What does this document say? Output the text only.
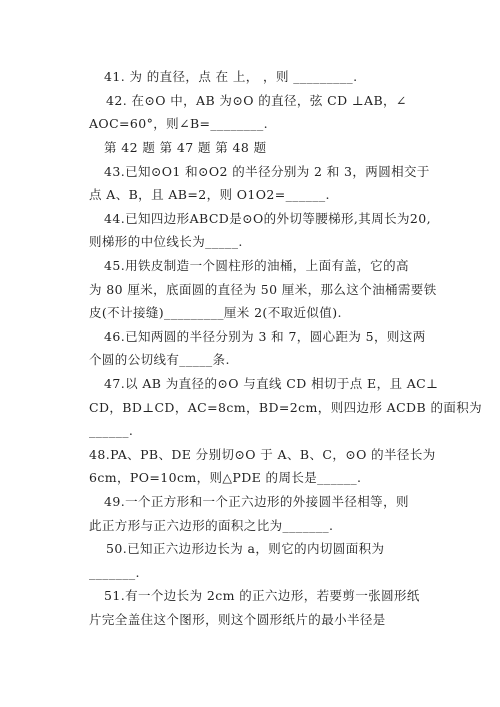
41. 为 的直径，点 在 上， ，则 _________.
42. 在⊙O 中，AB 为⊙O 的直径，弦 CD ⊥AB，∠
AOC=60°，则∠B=________.
第 42 题 第 47 题 第 48 题
43.已知⊙O1 和⊙O2 的半径分别为 2 和 3，两圆相交于
点 A、B，且 AB=2，则 O1O2=______.
44.已知四边形ABCD是⊙O的外切等腰梯形,其周长为20,
则梯形的中位线长为_____.
45.用铁皮制造一个圆柱形的油桶，上面有盖，它的高
为 80 厘米，底面圆的直径为 50 厘米，那么这个油桶需要铁
皮(不计接缝)_________厘米 2(不取近似值).
46.已知两圆的半径分别为 3 和 7，圆心距为 5，则这两
个圆的公切线有_____条.
47.以 AB 为直径的⊙O 与直线 CD 相切于点 E，且 AC⊥
CD，BD⊥CD，AC=8cm，BD=2cm，则四边形 ACDB 的面积为
______.
48.PA、PB、DE 分别切⊙O 于 A、B、C，⊙O 的半径长为
6cm，PO=10cm，则△PDE 的周长是______.
49.一个正方形和一个正六边形的外接圆半径相等，则
此正方形与正六边形的面积之比为_______.
50.已知正六边形边长为 a，则它的内切圆面积为
_______.
51.有一个边长为 2cm 的正六边形，若要剪一张圆形纸
片完全盖住这个图形，则这个圆形纸片的最小半径是
